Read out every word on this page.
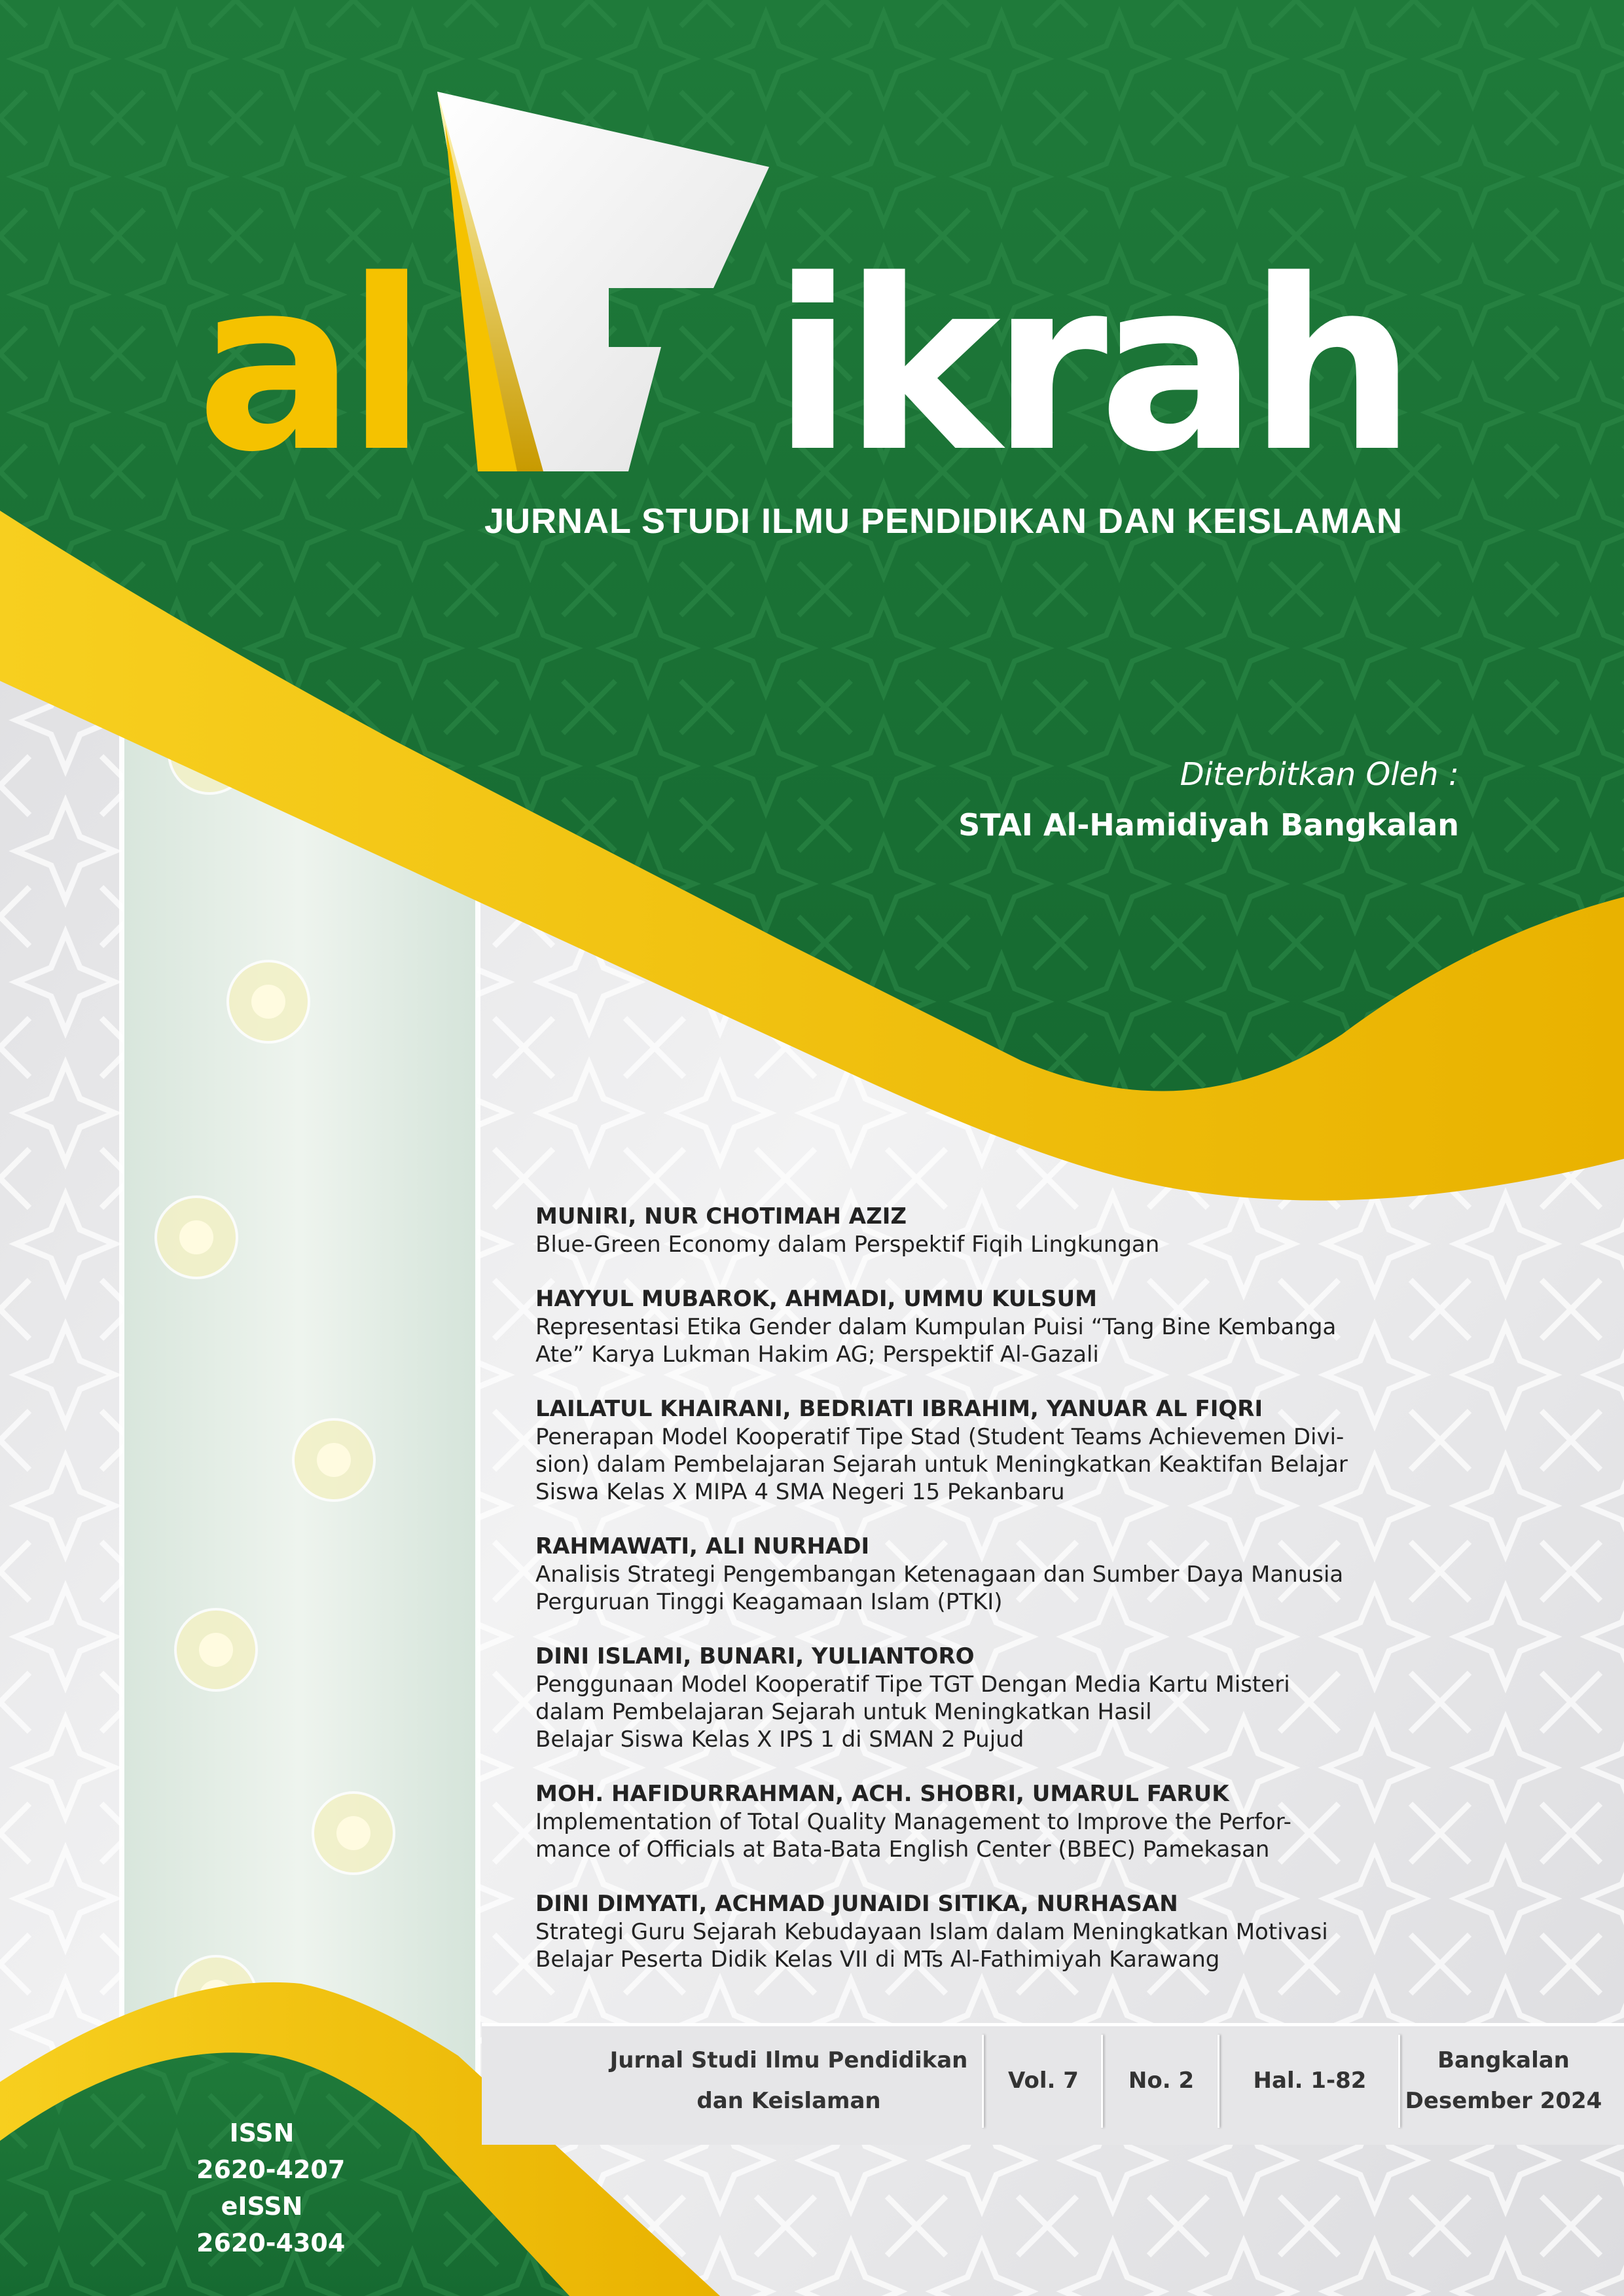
al ikrah
JURNAL STUDI ILMU PENDIDIKAN DAN KEISLAMAN
Diterbitkan Oleh :
STAI Al-Hamidiyah Bangkalan
MUNIRI, NUR CHOTIMAH AZIZ
Blue-Green Economy dalam Perspektif Fiqih Lingkungan
HAYYUL MUBAROK, AHMADI, UMMU KULSUM
Representasi Etika Gender dalam Kumpulan Puisi “Tang Bine Kembanga
Ate” Karya Lukman Hakim AG; Perspektif Al-Gazali
LAILATUL KHAIRANI, BEDRIATI IBRAHIM, YANUAR AL FIQRI
Penerapan Model Kooperatif Tipe Stad (Student Teams Achievemen Divi-
sion) dalam Pembelajaran Sejarah untuk Meningkatkan Keaktifan Belajar
Siswa Kelas X MIPA 4 SMA Negeri 15 Pekanbaru
RAHMAWATI, ALI NURHADI
Analisis Strategi Pengembangan Ketenagaan dan Sumber Daya Manusia
Perguruan Tinggi Keagamaan Islam (PTKI)
DINI ISLAMI, BUNARI, YULIANTORO
Penggunaan Model Kooperatif Tipe TGT Dengan Media Kartu Misteri
dalam Pembelajaran Sejarah untuk Meningkatkan Hasil
Belajar Siswa Kelas X IPS 1 di SMAN 2 Pujud
MOH. HAFIDURRAHMAN, ACH. SHOBRI, UMARUL FARUK
Implementation of Total Quality Management to Improve the Perfor-
mance of Officials at Bata-Bata English Center (BBEC) Pamekasan
DINI DIMYATI, ACHMAD JUNAIDI SITIKA, NURHASAN
Strategi Guru Sejarah Kebudayaan Islam dalam Meningkatkan Motivasi
Belajar Peserta Didik Kelas VII di MTs Al-Fathimiyah Karawang
ISSN
2620-4207
eISSN
2620-4304
Jurnal Studi Ilmu Pendidikan
dan Keislaman
Vol. 7	No. 2	Hal. 1-82
Bangkalan
Desember 2024
